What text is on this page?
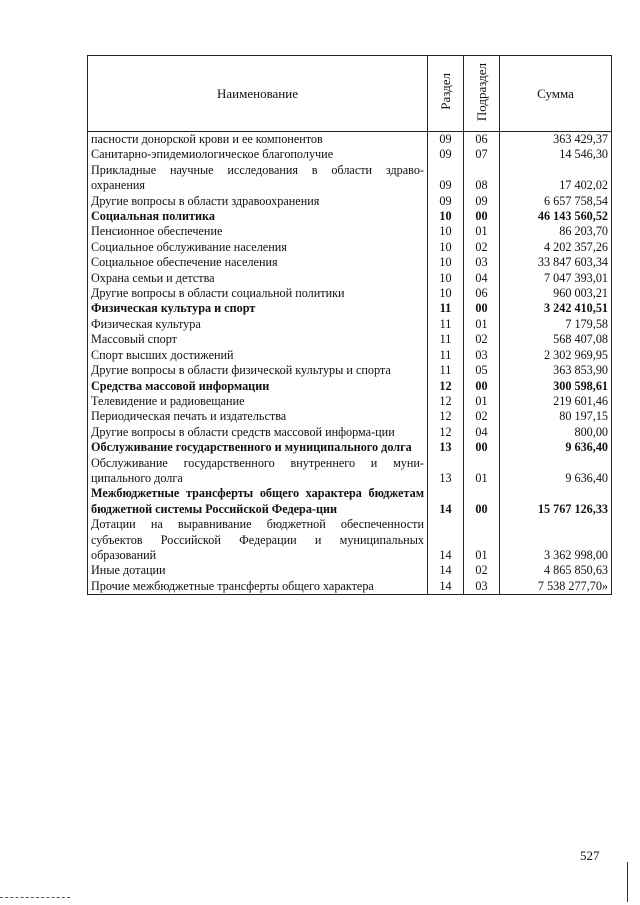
Наименование	Раздел	Подраздел	Сумма
пасности донорской крови и ее компонентов	09	06	363 429,37
Санитарно-эпидемиологическое благополучие	09	07	14 546,30
Прикладные научные исследования в области здраво-охранения	09	08	17 402,02
Другие вопросы в области здравоохранения	09	09	6 657 758,54
Социальная политика	10	00	46 143 560,52
Пенсионное обеспечение	10	01	86 203,70
Социальное обслуживание населения	10	02	4 202 357,26
Социальное обеспечение населения	10	03	33 847 603,34
Охрана семьи и детства	10	04	7 047 393,01
Другие вопросы в области социальной политики	10	06	960 003,21
Физическая культура и спорт	11	00	3 242 410,51
Физическая культура	11	01	7 179,58
Массовый спорт	11	02	568 407,08
Спорт высших достижений	11	03	2 302 969,95
Другие вопросы в области физической культуры и спорта	11	05	363 853,90
Средства массовой информации	12	00	300 598,61
Телевидение и радиовещание	12	01	219 601,46
Периодическая печать и издательства	12	02	80 197,15
Другие вопросы в области средств массовой информа-ции	12	04	800,00
Обслуживание государственного и муниципального долга	13	00	9 636,40
Обслуживание государственного внутреннего и муни-ципального долга	13	01	9 636,40
Межбюджетные трансферты общего характера бюджетам бюджетной системы Российской Федера-ции	14	00	15 767 126,33
Дотации на выравнивание бюджетной обеспеченности субъектов Российской Федерации и муниципальных образований	14	01	3 362 998,00
Иные дотации	14	02	4 865 850,63
Прочие межбюджетные трансферты общего характера	14	03	7 538 277,70»
527
